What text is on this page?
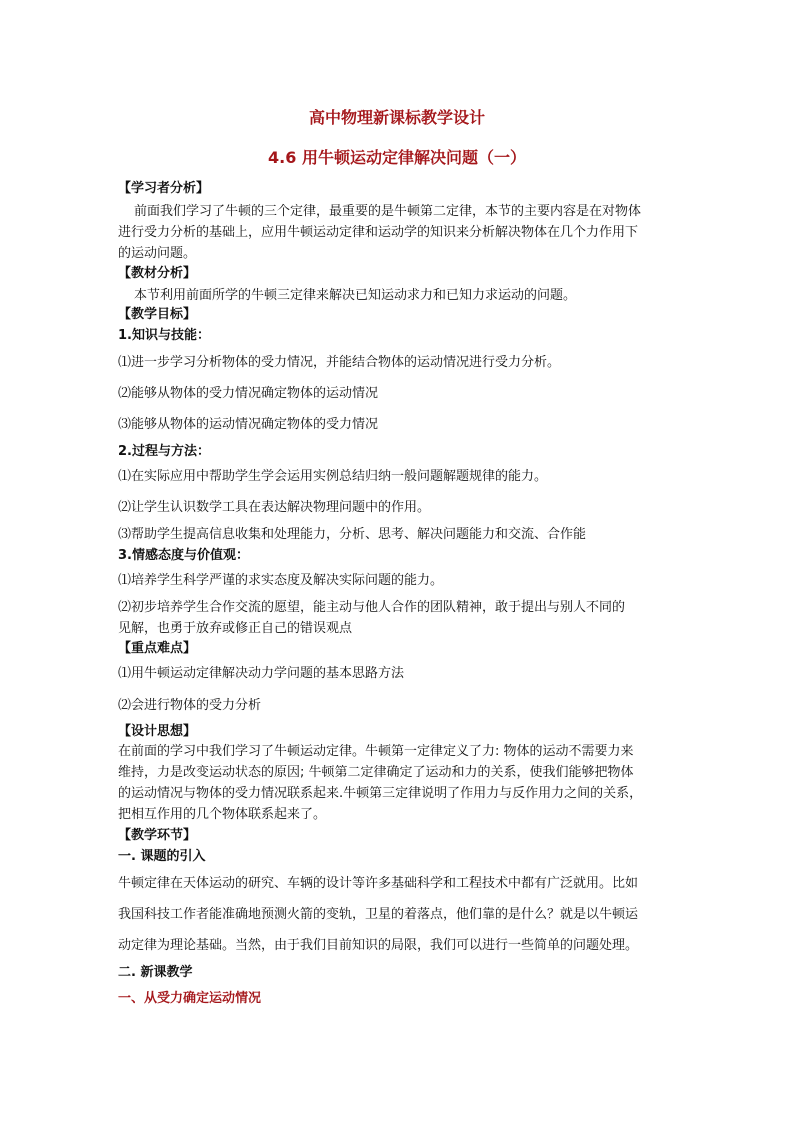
高中物理新课标教学设计
4.6 用牛顿运动定律解决问题（一）
【学习者分析】
前面我们学习了牛顿的三个定律，最重要的是牛顿第二定律，本节的主要内容是在对物体
进行受力分析的基础上，应用牛顿运动定律和运动学的知识来分析解决物体在几个力作用下
的运动问题。
【教材分析】
本节利用前面所学的牛顿三定律来解决已知运动求力和已知力求运动的问题。
【教学目标】
1.知识与技能：
⑴进一步学习分析物体的受力情况，并能结合物体的运动情况进行受力分析。
⑵能够从物体的受力情况确定物体的运动情况
⑶能够从物体的运动情况确定物体的受力情况
2.过程与方法：
⑴在实际应用中帮助学生学会运用实例总结归纳一般问题解题规律的能力。
⑵让学生认识数学工具在表达解决物理问题中的作用。
⑶帮助学生提高信息收集和处理能力，分析、思考、解决问题能力和交流、合作能
3.情感态度与价值观：
⑴培养学生科学严谨的求实态度及解决实际问题的能力。
⑵初步培养学生合作交流的愿望，能主动与他人合作的团队精神，敢于提出与别人不同的
见解，也勇于放弃或修正自己的错误观点
【重点难点】
⑴用牛顿运动定律解决动力学问题的基本思路方法
⑵会进行物体的受力分析
【设计思想】
在前面的学习中我们学习了牛顿运动定律。牛顿第一定律定义了力: 物体的运动不需要力来
维持，力是改变运动状态的原因; 牛顿第二定律确定了运动和力的关系，使我们能够把物体
的运动情况与物体的受力情况联系起来.牛顿第三定律说明了作用力与反作用力之间的关系，
把相互作用的几个物体联系起来了。
【教学环节】
一. 课题的引入
牛顿定律在天体运动的研究、车辆的设计等许多基础科学和工程技术中都有广泛就用。比如
我国科技工作者能准确地预测火箭的变轨，卫星的着落点，他们靠的是什么？就是以牛顿运
动定律为理论基础。当然，由于我们目前知识的局限，我们可以进行一些简单的问题处理。
二. 新课教学
一、从受力确定运动情况
